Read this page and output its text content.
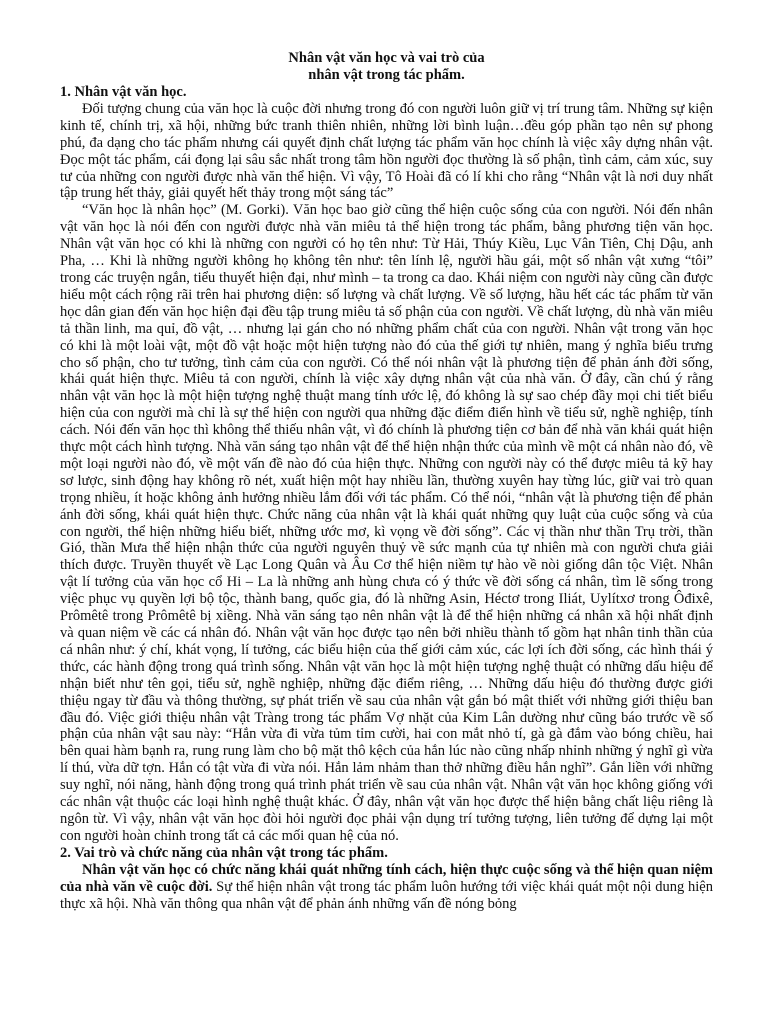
Nhân vật văn học và vai trò của
nhân vật trong tác phẩm.

1. Nhân vật văn học.

Đối tượng chung của văn học là cuộc đời nhưng trong đó con người luôn giữ vị trí trung tâm. Những sự kiện kinh tế, chính trị, xã hội, những bức tranh thiên nhiên, những lời bình luận…đều góp phần tạo nên sự phong phú, đa dạng cho tác phẩm nhưng cái quyết định chất lượng tác phẩm văn học chính là việc xây dựng nhân vật. Đọc một tác phẩm, cái đọng lại sâu sắc nhất trong tâm hồn người đọc thường là số phận, tình cảm, cảm xúc, suy tư của những con người được nhà văn thể hiện. Vì vậy, Tô Hoài đã có lí khi cho rằng “Nhân vật là nơi duy nhất tập trung hết thảy, giải quyết hết thảy trong một sáng tác”

“Văn học là nhân học” (M. Gorki). Văn học bao giờ cũng thể hiện cuộc sống của con người. Nói đến nhân vật văn học là nói đến con người được nhà văn miêu tả thể hiện trong tác phẩm, bằng phương tiện văn học. Nhân vật văn học có khi là những con người có họ tên như: Từ Hải, Thúy Kiều, Lục Vân Tiên, Chị Dậu, anh Pha, … Khi là những người không họ không tên như: tên lính lệ, người hầu gái, một số nhân vật xưng “tôi” trong các truyện ngắn, tiểu thuyết hiện đại, như mình – ta trong ca dao. Khái niệm con người này cũng cần được hiểu một cách rộng rãi trên hai phương diện: số lượng và chất lượng. Về số lượng, hầu hết các tác phẩm từ văn học dân gian đến văn học hiện đại đều tập trung miêu tả số phận của con người. Về chất lượng, dù nhà văn miêu tả thần linh, ma quỉ, đồ vật, … nhưng lại gán cho nó những phẩm chất của con người. Nhân vật trong văn học có khi là một loài vật, một đồ vật hoặc một hiện tượng nào đó của thế giới tự nhiên, mang ý nghĩa biểu trưng cho số phận, cho tư tưởng, tình cảm của con người. Có thể nói nhân vật là phương tiện để phản ánh đời sống, khái quát hiện thực. Miêu tả con người, chính là việc xây dựng nhân vật của nhà văn. Ở đây, cần chú ý rằng nhân vật văn học là một hiện tượng nghệ thuật mang tính ước lệ, đó không là sự sao chép đầy mọi chi tiết biểu hiện của con người mà chỉ là sự thể hiện con người qua những đặc điểm điển hình về tiểu sử, nghề nghiệp, tính cách. Nói đến văn học thì không thể thiếu nhân vật, vì đó chính là phương tiện cơ bản để nhà văn khái quát hiện thực một cách hình tượng. Nhà văn sáng tạo nhân vật để thể hiện nhận thức của mình về một cá nhân nào đó, về một loại người nào đó, về một vấn đề nào đó của hiện thực. Những con người này có thể được miêu tả kỹ hay sơ lược, sinh động hay không rõ nét, xuất hiện một hay nhiều lần, thường xuyên hay từng lúc, giữ vai trò quan trọng nhiều, ít hoặc không ảnh hưởng nhiều lắm đối với tác phẩm. Có thể nói, “nhân vật là phương tiện để phản ánh đời sống, khái quát hiện thực. Chức năng của nhân vật là khái quát những quy luật của cuộc sống và của con người, thể hiện những hiểu biết, những ước mơ, kì vọng về đời sống”. Các vị thần như thần Trụ trời, thần Gió, thần Mưa thể hiện nhận thức của người nguyên thuỷ về sức mạnh của tự nhiên mà con người chưa giải thích được. Truyền thuyết về Lạc Long Quân và Âu Cơ thể hiện niềm tự hào về nòi giống dân tộc Việt. Nhân vật lí tưởng của văn học cổ Hi – La là những anh hùng chưa có ý thức về đời sống cá nhân, tìm lẽ sống trong việc phục vụ quyền lợi bộ tộc, thành bang, quốc gia, đó là những Asin, Héctơ trong Iliát, Uylítxơ trong Ôđixê, Prômêtê trong Prômêtê bị xiềng. Nhà văn sáng tạo nên nhân vật là để thể hiện những cá nhân xã hội nhất định và quan niệm về các cá nhân đó. Nhân vật văn học được tạo nên bởi nhiều thành tố gồm hạt nhân tinh thần của cá nhân như: ý chí, khát vọng, lí tưởng, các biểu hiện của thế giới cảm xúc, các lợi ích đời sống, các hình thái ý thức, các hành động trong quá trình sống. Nhân vật văn học là một hiện tượng nghệ thuật có những dấu hiệu để nhận biết như tên gọi, tiểu sử, nghề nghiệp, những đặc điểm riêng, … Những dấu hiệu đó thường được giới thiệu ngay từ đầu và thông thường, sự phát triển về sau của nhân vật gắn bó mật thiết với những giới thiệu ban đầu đó. Việc giới thiệu nhân vật Tràng trong tác phẩm Vợ nhặt của Kim Lân dường như cũng báo trước về số phận của nhân vật sau này: “Hắn vừa đi vừa tủm tỉm cười, hai con mắt nhỏ tí, gà gà đắm vào bóng chiều, hai bên quai hàm bạnh ra, rung rung làm cho bộ mặt thô kệch của hắn lúc nào cũng nhấp nhỉnh những ý nghĩ gì vừa lí thú, vừa dữ tợn. Hắn có tật vừa đi vừa nói. Hắn lảm nhảm than thở những điều hắn nghĩ”. Gắn liền với những suy nghĩ, nói năng, hành động trong quá trình phát triển về sau của nhân vật. Nhân vật văn học không giống với các nhân vật thuộc các loại hình nghệ thuật khác. Ở đây, nhân vật văn học được thể hiện bằng chất liệu riêng là ngôn từ. Vì vậy, nhân vật văn học đòi hỏi người đọc phải vận dụng trí tưởng tượng, liên tưởng để dựng lại một con người hoàn chỉnh trong tất cả các mối quan hệ của nó.

2. Vai trò và chức năng của nhân vật trong tác phẩm.

Nhân vật văn học có chức năng khái quát những tính cách, hiện thực cuộc sống và thể hiện quan niệm của nhà văn về cuộc đời. Sự thể hiện nhân vật trong tác phẩm luôn hướng tới việc khái quát một nội dung hiện thực xã hội. Nhà văn thông qua nhân vật để phản ánh những vấn đề nóng bỏng
